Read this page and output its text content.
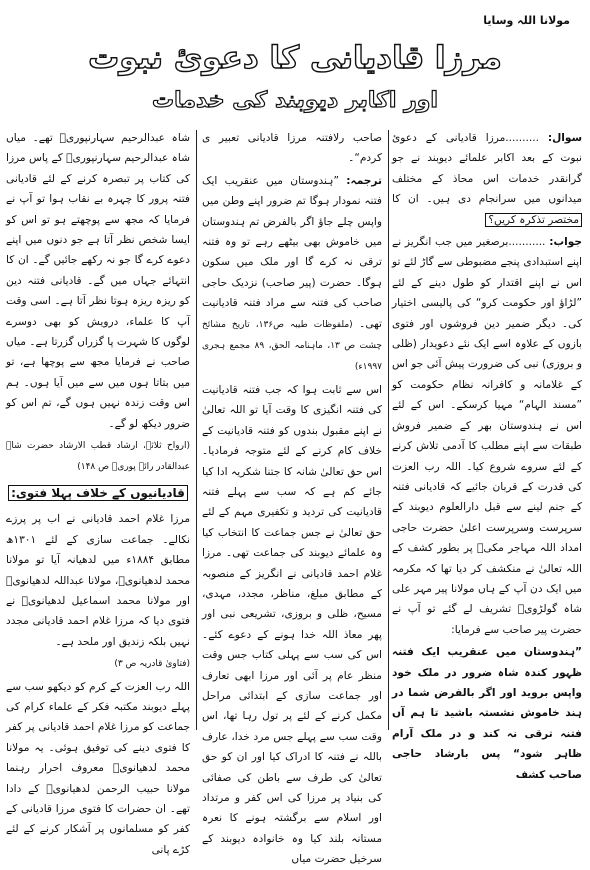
مولانا اللہ وسایا
مرزا قادیانی کا دعویٔ نبوت
اور اکابر دیوبند کی خدمات

سوال: ..........مرزا قادیانی کے دعویٔ نبوت کے بعد اکابر علمائے دیوبند نے جو گرانقدر خدمات اس محاذ کے مختلف میدانوں میں سرانجام دی ہیں۔ ان کا مختصر تذکرہ کریں؟

جواب: ...........برصغیر میں جب انگریز نے اپنے استبدادی پنجے مضبوطی سے گاڑ لئے تو اس نے اپنے اقتدار کو طول دینے کے لئے ”لڑاؤ اور حکومت کرو“ کی پالیسی اختیار کی۔ دیگر ضمیر دین فروشوں اور فتوی بازوں کے علاوہ اسے ایک نئے دعویدار (ظلی و بروزی) نبی کی ضرورت پیش آئی جو اس کے غلامانہ و کافرانہ نظام حکومت کو ”مسند الہام“ مہیا کرسکے۔ اس کے لئے اس نے ہندوستان بھر کے ضمیر فروش طبقات سے اپنے مطلب کا آدمی تلاش کرنے کے لئے سروے شروع کیا۔ اللہ رب العزت کی قدرت کے قربان جائیے کہ قادیانی فتنہ کے جنم لینے سے قبل دارالعلوم دیوبند کے سرپرست وسرپرست اعلیٰ حضرت حاجی امداد اللہ مہاجر مکیؒ پر بطور کشف کے اللہ تعالیٰ نے منکشف کر دیا تھا کہ مکرمہ میں ایک دن آپ کے ہاں مولانا پیر مہر علی شاہ گولڑویؒ تشریف لے گئے تو آپ نے حضرت پیر صاحب سے فرمایا:

”ہندوستان میں عنقریب ایک فتنہ ظہور کندہ شاہ ضرور در ملک خود واپس بروید اور اگر بالفرض شما در ہند خاموش نشستہ باشید تا ہم آں فتنہ ترقی نہ کند و در ملک آرام ظاہر شود“ پس بارشاد حاجی صاحب کشف

صاحب رلافتنہ مرزا قادیانی تعبیر ی کردم“۔

ترجمہ: ”ہندوستان میں عنقریب ایک فتنہ نمودار ہوگا تم ضرور اپنے وطن میں واپس چلے جاؤ اگر بالفرض تم ہندوستان میں خاموش بھی بیٹھے رہے تو وہ فتنہ ترقی نہ کرے گا اور ملک میں سکون ہوگا۔ حضرت (پیر صاحب) نزدیک حاجی صاحب کی فتنہ سے مراد فتنہ قادیانیت تھی۔ (ملفوظات طیبہ ص۱۳۶، تاریخ مشائخ چشت ص ۱۳، ماہنامہ الحق، ۸۹ مجمع ہجری ۱۹۹۷ء)

اس سے ثابت ہوا کہ جب فتنہ قادیانیت کی فتنہ انگیزی کا وقت آیا تو اللہ تعالیٰ نے اپنے مقبول بندوں کو فتنہ قادیانیت کے خلاف کام کرنے کے لئے متوجہ فرمادیا۔ اس حق تعالیٰ شانہ کا جتنا شکریہ ادا کیا جائے کم ہے کہ سب سے پہلے فتنہ قادیانیت کی تردید و تکفیری مہم کے لئے حق تعالیٰ نے جس جماعت کا انتخاب کیا وہ علمائے دیوبند کی جماعت تھی۔ مرزا غلام احمد قادیانی نے انگریز کے منصوبہ کے مطابق مبلغ، مناظر، مجدد، مہدی، مسیح، ظلی و بروزی، تشریعی نبی اور پھر معاذ اللہ خدا ہونے کے دعوے کئے۔ اس کی سب سے پہلی کتاب جس وقت منظر عام پر آئی اور مرزا ابھی تعارف اور جماعت سازی کے ابتدائی مراحل مکمل کرنے کے لئے پر تول رہا تھا، اس وقت سب سے پہلے جس مرد خدا، عارف باللہ نے فتنہ کا ادراک کیا اور ان کو حق تعالیٰ کی طرف سے باطن کی صفائی کی بنیاد پر مرزا کی اس کفر و مرتداد اور اسلام سے برگشتہ ہونے کا نعرہ مستانہ بلند کیا وہ خانوادہ دیوبند کے سرخیل حضرت میاں

شاہ عبدالرحیم سہارنپوریؒ تھے۔ میاں شاہ عبدالرحیم سہارنپوریؒ کے پاس مرزا کی کتاب پر تبصرہ کرنے کے لئے قادیانی فتنہ پرور کا چہرہ بے نقاب ہوا تو آپ نے فرمایا کہ مجھ سے پوچھتے ہو تو اس کو ایسا شخص نظر آتا ہے جو دنوں میں اپنے دعوے کرے گا جو نہ رکھے جائیں گے۔ ان کا انتہائے جہاں میں گے۔ قادیانی فتنہ دین کو ریزہ ریزہ ہوتا نظر آتا ہے۔ اسی وقت آپ کا علماء، درویش کو بھی دوسرے لوگوں کا شہرت پا گزراں گزرتا ہے۔ میاں صاحب نے فرمایا مجھ سے پوچھا ہے، تو میں بتاتا ہوں میں سے میں آیا ہوں۔ ہم اس وقت زندہ نہیں ہوں گے، تم اس کو ضرور دیکھ لو گے۔

(ارواح ثلاثہ، ارشاد قطب الارشاد حضرت شاہ عبدالقادر رائے پوریؒ ص ۱۴۸)

قادیانیوں کے خلاف پہلا فتوی:

مرزا غلام احمد قادیانی نے اب پر پرزے نکالے۔ جماعت سازی کے لئے ۱۳۰۱ھ مطابق ۱۸۸۴ء میں لدھیانہ آیا تو مولانا محمد لدھیانویؒ، مولانا عبداللہ لدھیانویؒ اور مولانا محمد اسماعیل لدھیانویؒ نے فتوی دیا کہ مرزا غلام احمد قادیانی مجدد نہیں بلکہ زندیق اور ملحد ہے۔

(فتاویٰ قادریہ ص ۳)

اللہ رب العزت کے کرم کو دیکھو سب سے پہلے دیوبند مکتبہ فکر کے علماء کرام کی جماعت کو مرزا غلام احمد قادیانی پر کفر کا فتوی دینے کی توفیق ہوئی۔ یہ مولانا محمد لدھیانویؒ معروف احرار رہنما مولانا حبیب الرحمن لدھیانویؒ کے دادا تھے۔ ان حضرات کا فتوی مرزا قادیانی کے کفر کو مسلمانوں پر آشکار کرنے کے لئے کڑے پانی
